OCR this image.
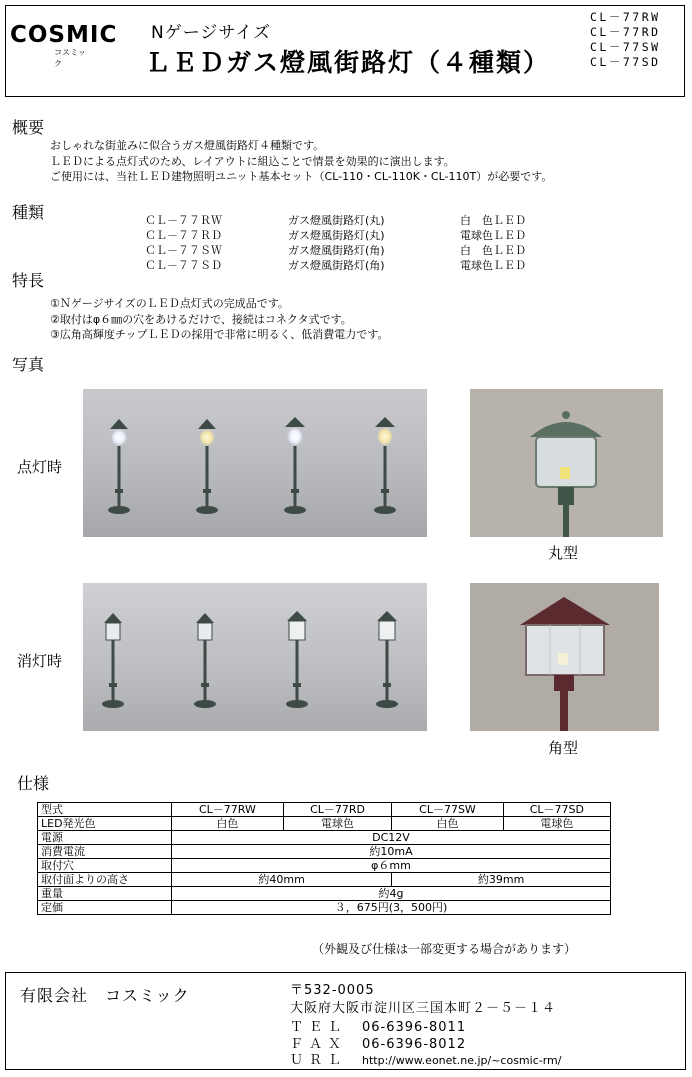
COSMIC
コスミック
Nゲージサイズ
ＬＥＤガス燈風街路灯（４種類）
CL－77RW
CL－77RD
CL－77SW
CL－77SD
概要
おしゃれな街並みに似合うガス燈風街路灯４種類です。
ＬＥＤによる点灯式のため、レイアウトに組込ことで情景を効果的に演出します。
ご使用には、当社ＬＥＤ建物照明ユニット基本セット（CL-110・CL-110K・CL-110T）が必要です。
種類	ＣＬ－７７ＲＷ	ガス燈風街路灯(丸)	白　色ＬＥＤ
ＣＬ－７７ＲＤ	ガス燈風街路灯(丸)	電球色ＬＥＤ
ＣＬ－７７ＳＷ	ガス燈風街路灯(角)	白　色ＬＥＤ
ＣＬ－７７ＳＤ	ガス燈風街路灯(角)	電球色ＬＥＤ
特長
①ＮゲージサイズのＬＥＤ点灯式の完成品です。
②取付はφ６㎜の穴をあけるだけで、接続はコネクタ式です。
③広角高輝度チップＬＥＤの採用で非常に明るく、低消費電力です。
写真
点灯時
消灯時
丸型
角型
仕様
型式	CL－77RW	CL－77RD	CL－77SW	CL－77SD
LED発光色	白色	電球色	白色	電球色
電源	DC12V			
消費電流	約10mA			
取付穴	φ６mm			
取付面よりの高さ	約40mm		約39mm	
重量	約4g			
定価	３，675円(3，500円)			
（外観及び仕様は一部変更する場合があります）
有限会社　コスミック	〒532-0005
大阪府大阪市淀川区三国本町２－５－１４
ＴＥＬ 06-6396-8011
ＦＡＸ 06-6396-8012
ＵＲＬ http://www.eonet.ne.jp/~cosmic-rm/
